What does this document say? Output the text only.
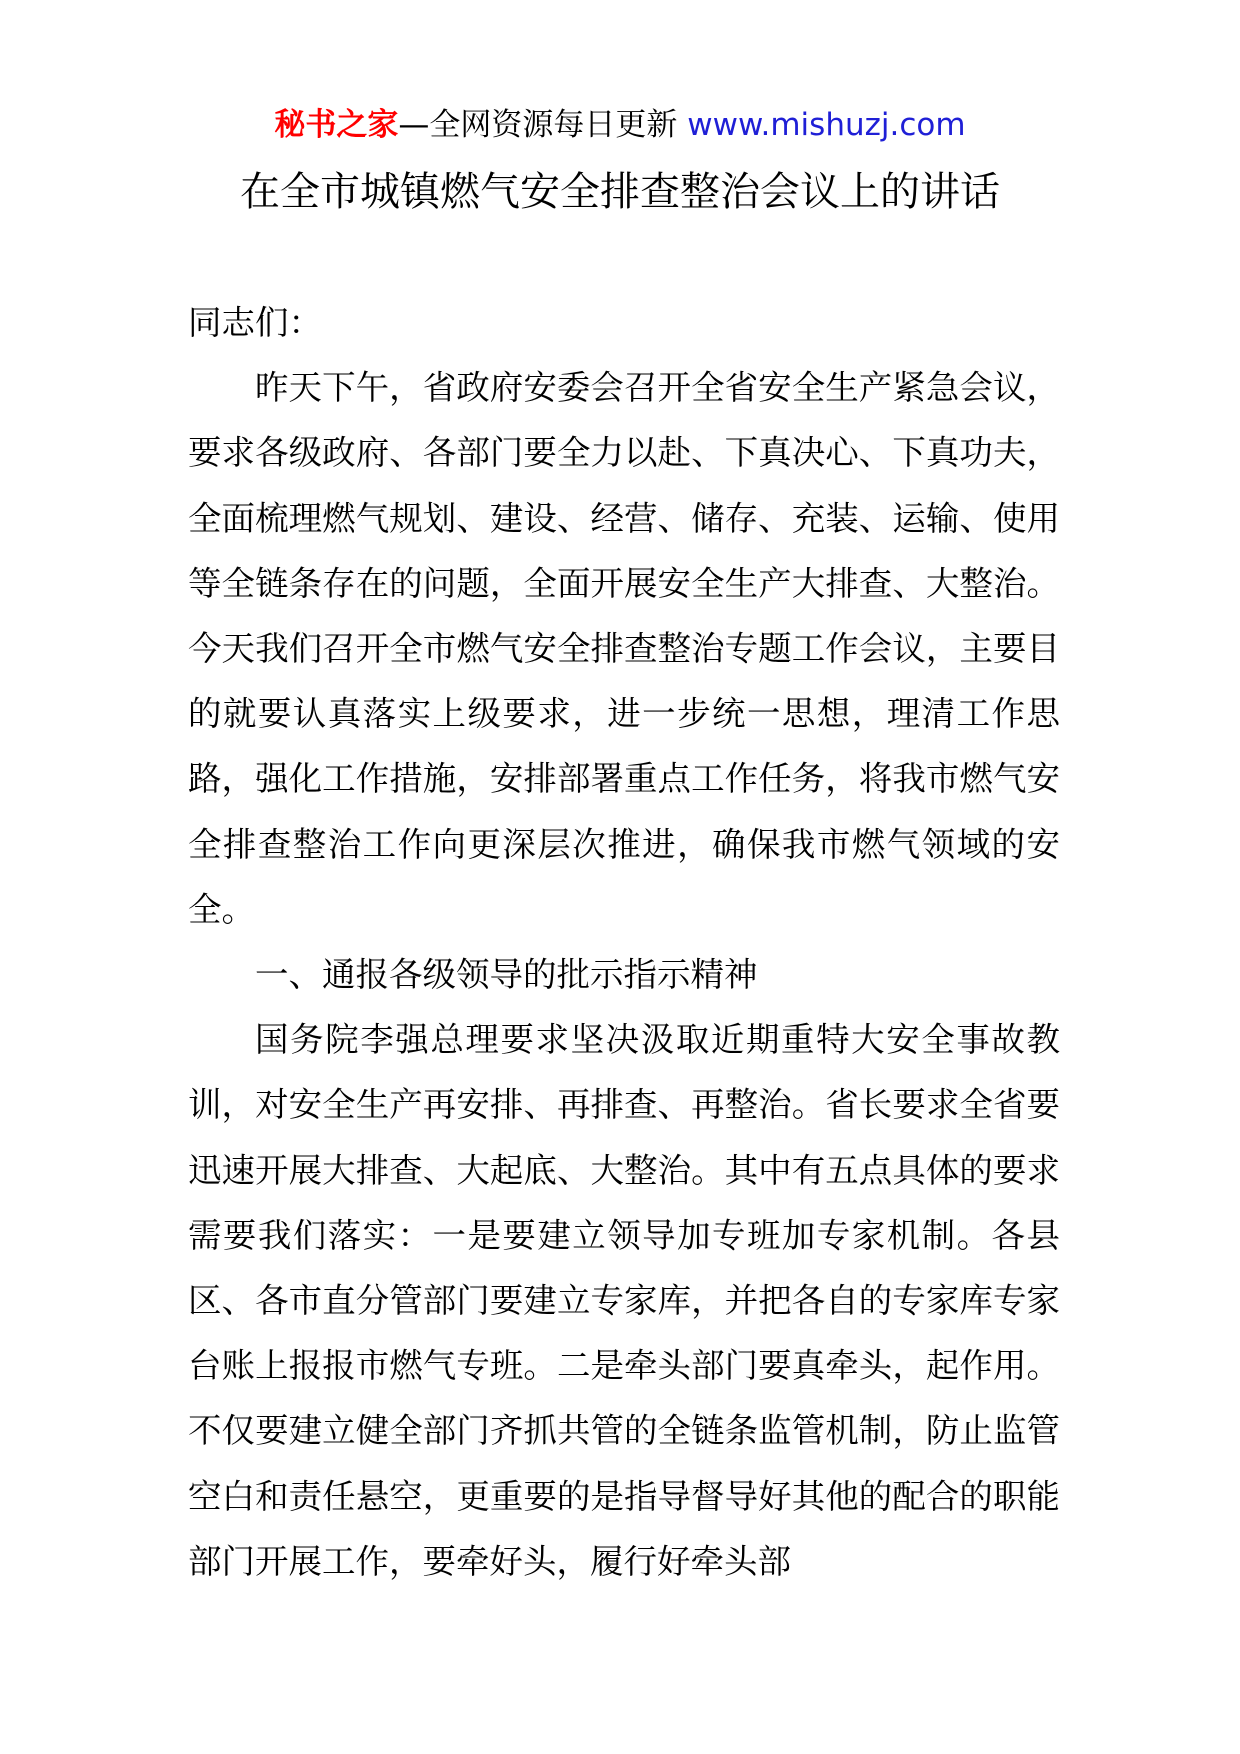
秘书之家—全网资源每日更新 www.mishuzj.com
在全市城镇燃气安全排查整治会议上的讲话

同志们：

昨天下午，省政府安委会召开全省安全生产紧急会议，要求各级政府、各部门要全力以赴、下真决心、下真功夫，全面梳理燃气规划、建设、经营、储存、充装、运输、使用等全链条存在的问题，全面开展安全生产大排查、大整治。今天我们召开全市燃气安全排查整治专题工作会议，主要目的就要认真落实上级要求，进一步统一思想，理清工作思路，强化工作措施，安排部署重点工作任务，将我市燃气安全排查整治工作向更深层次推进，确保我市燃气领域的安全。

一、通报各级领导的批示指示精神

国务院李强总理要求坚决汲取近期重特大安全事故教训，对安全生产再安排、再排查、再整治。省长要求全省要迅速开展大排查、大起底、大整治。其中有五点具体的要求需要我们落实：一是要建立领导加专班加专家机制。各县区、各市直分管部门要建立专家库，并把各自的专家库专家台账上报报市燃气专班。二是牵头部门要真牵头，起作用。不仅要建立健全部门齐抓共管的全链条监管机制，防止监管空白和责任悬空，更重要的是指导督导好其他的配合的职能部门开展工作，要牵好头，履行好牵头部
